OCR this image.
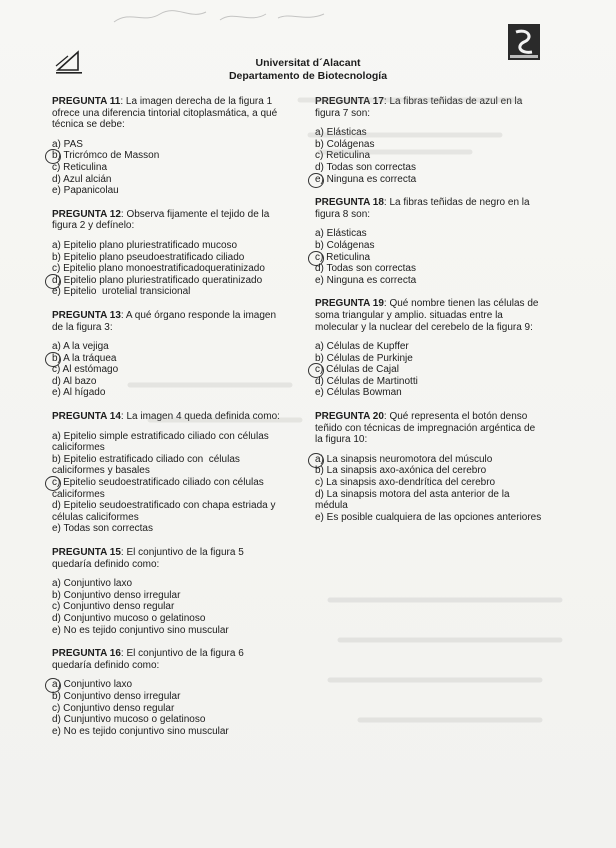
Universitat d´Alacant
Departamento de Biotecnología

PREGUNTA 11: La imagen derecha de la figura 1 ofrece una diferencia tintorial citoplasmática, a qué técnica se debe:

a) PAS

b) Tricrómco de Masson

c) Reticulina

d) Azul alcián

e) Papanicolau

PREGUNTA 12: Observa fijamente el tejido de la figura 2 y defínelo:

a) Epitelio plano pluriestratificado mucoso

b) Epitelio plano pseudoestratificado ciliado

c) Epitelio plano monoestratificadoqueratinizado

d) Epitelio plano pluriestratificado queratinizado

e) Epitelio  urotelial transicional

PREGUNTA 13: A qué órgano responde la imagen de la figura 3:

a) A la vejiga

b) A la tráquea

c) Al estómago

d) Al bazo

e) Al hígado

PREGUNTA 14: La imagen 4 queda definida como:

a) Epitelio simple estratificado ciliado con células caliciformes

b) Epitelio estratificado ciliado con  células caliciformes y basales

c) Epitelio seudoestratificado ciliado con células caliciformes

d) Epitelio seudoestratificado con chapa estriada y células caliciformes

e) Todas son correctas

PREGUNTA 15: El conjuntivo de la figura 5 quedaría definido como:

a) Conjuntivo laxo

b) Conjuntivo denso irregular

c) Conjuntivo denso regular

d) Conjuntivo mucoso o gelatinoso

e) No es tejido conjuntivo sino muscular

PREGUNTA 16: El conjuntivo de la figura 6 quedaría definido como:

a) Conjuntivo laxo

b) Conjuntivo denso irregular

c) Conjuntivo denso regular

d) Cunjuntivo mucoso o gelatinoso

e) No es tejido conjuntivo sino muscular

PREGUNTA 17: La fibras teñidas de azul en la figura 7 son:

a) Elásticas

b) Colágenas

c) Reticulina

d) Todas son correctas

e) Ninguna es correcta

PREGUNTA 18: La fibras teñidas de negro en la figura 8 son:

a) Elásticas

b) Colágenas

c) Reticulina

d) Todas son correctas

e) Ninguna es correcta

PREGUNTA 19: Qué nombre tienen las células de soma triangular y amplio. situadas entre la molecular y la nuclear del cerebelo de la figura 9:

a) Células de Kupffer

b) Células de Purkinje

c) Células de Cajal

d) Células de Martinotti

e) Células Bowman

PREGUNTA 20: Qué representa el botón denso teñido con técnicas de impregnación argéntica de la figura 10:

a) La sinapsis neuromotora del músculo

b) La sinapsis axo-axónica del cerebro

c) La sinapsis axo-dendrítica del cerebro

d) La sinapsis motora del asta anterior de la médula

e) Es posible cualquiera de las opciones anteriores
